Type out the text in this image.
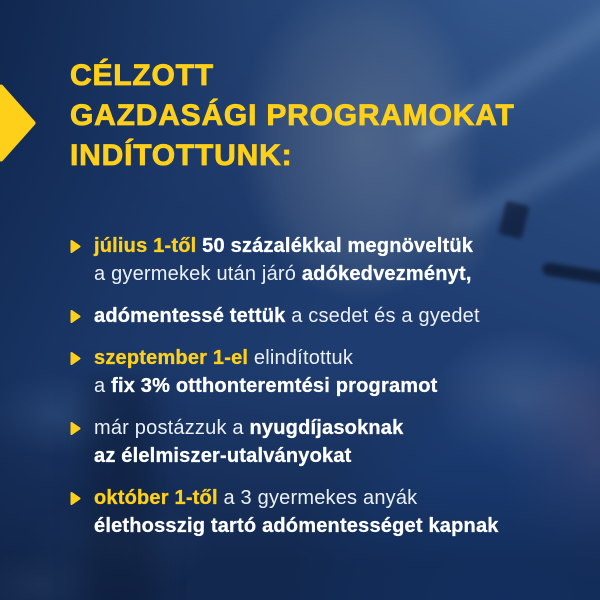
CÉLZOTT
GAZDASÁGI PROGRAMOKAT
INDÍTOTTUNK:
július 1-től 50 százalékkal megnöveltük
a gyermekek után járó adókedvezményt,
adómentessé tettük a csedet és a gyedet
szeptember 1-el elindítottuk
a fix 3% otthonteremtési programot
már postázzuk a nyugdíjasoknak
az élelmiszer-utalványokat
október 1-től a 3 gyermekes anyák
élethosszig tartó adómentességet kapnak
